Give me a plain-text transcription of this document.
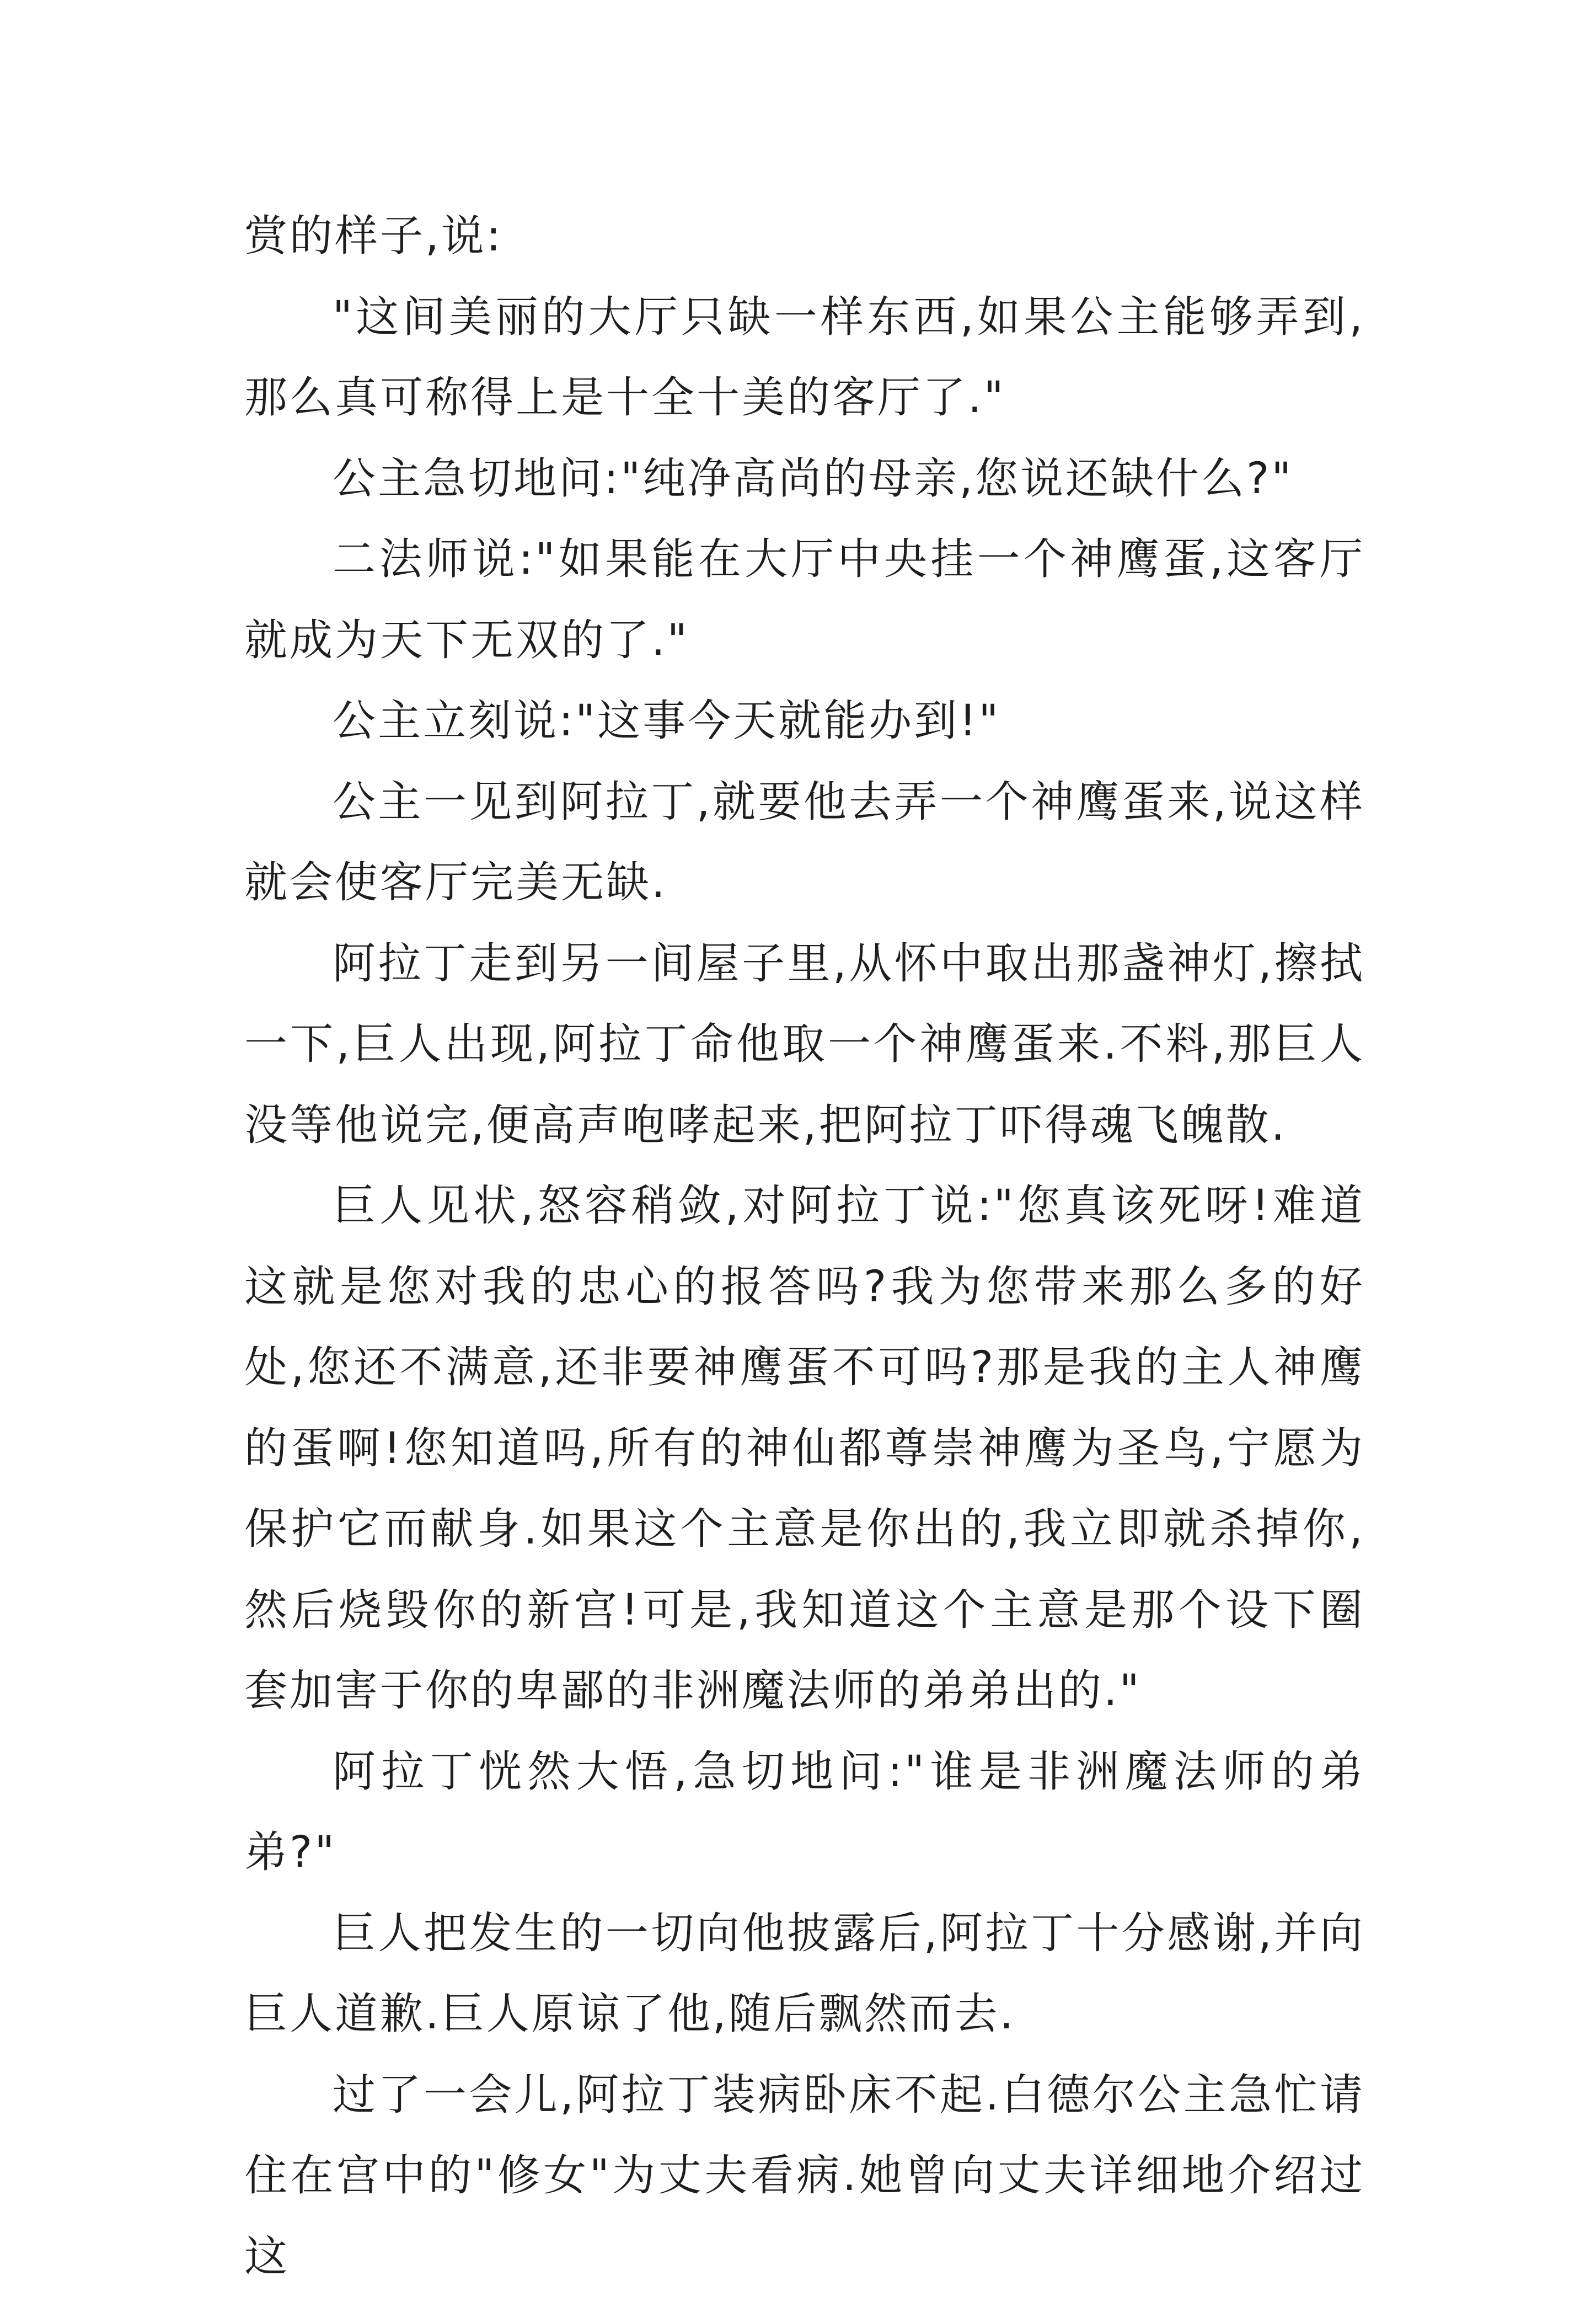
赏的样子,说:

"这间美丽的大厅只缺一样东西,如果公主能够弄到,那么真可称得上是十全十美的客厅了."

公主急切地问:"纯净高尚的母亲,您说还缺什么?"

二法师说:"如果能在大厅中央挂一个神鹰蛋,这客厅就成为天下无双的了."

公主立刻说:"这事今天就能办到!"

公主一见到阿拉丁,就要他去弄一个神鹰蛋来,说这样就会使客厅完美无缺.

阿拉丁走到另一间屋子里,从怀中取出那盏神灯,擦拭一下,巨人出现,阿拉丁命他取一个神鹰蛋来.不料,那巨人没等他说完,便高声咆哮起来,把阿拉丁吓得魂飞魄散.

巨人见状,怒容稍敛,对阿拉丁说:"您真该死呀!难道这就是您对我的忠心的报答吗?我为您带来那么多的好处,您还不满意,还非要神鹰蛋不可吗?那是我的主人神鹰的蛋啊!您知道吗,所有的神仙都尊崇神鹰为圣鸟,宁愿为保护它而献身.如果这个主意是你出的,我立即就杀掉你,然后烧毁你的新宫!可是,我知道这个主意是那个设下圈套加害于你的卑鄙的非洲魔法师的弟弟出的."

阿拉丁恍然大悟,急切地问:"谁是非洲魔法师的弟弟?"

巨人把发生的一切向他披露后,阿拉丁十分感谢,并向巨人道歉.巨人原谅了他,随后飘然而去.

过了一会儿,阿拉丁装病卧床不起.白德尔公主急忙请住在宫中的"修女"为丈夫看病.她曾向丈夫详细地介绍过这
